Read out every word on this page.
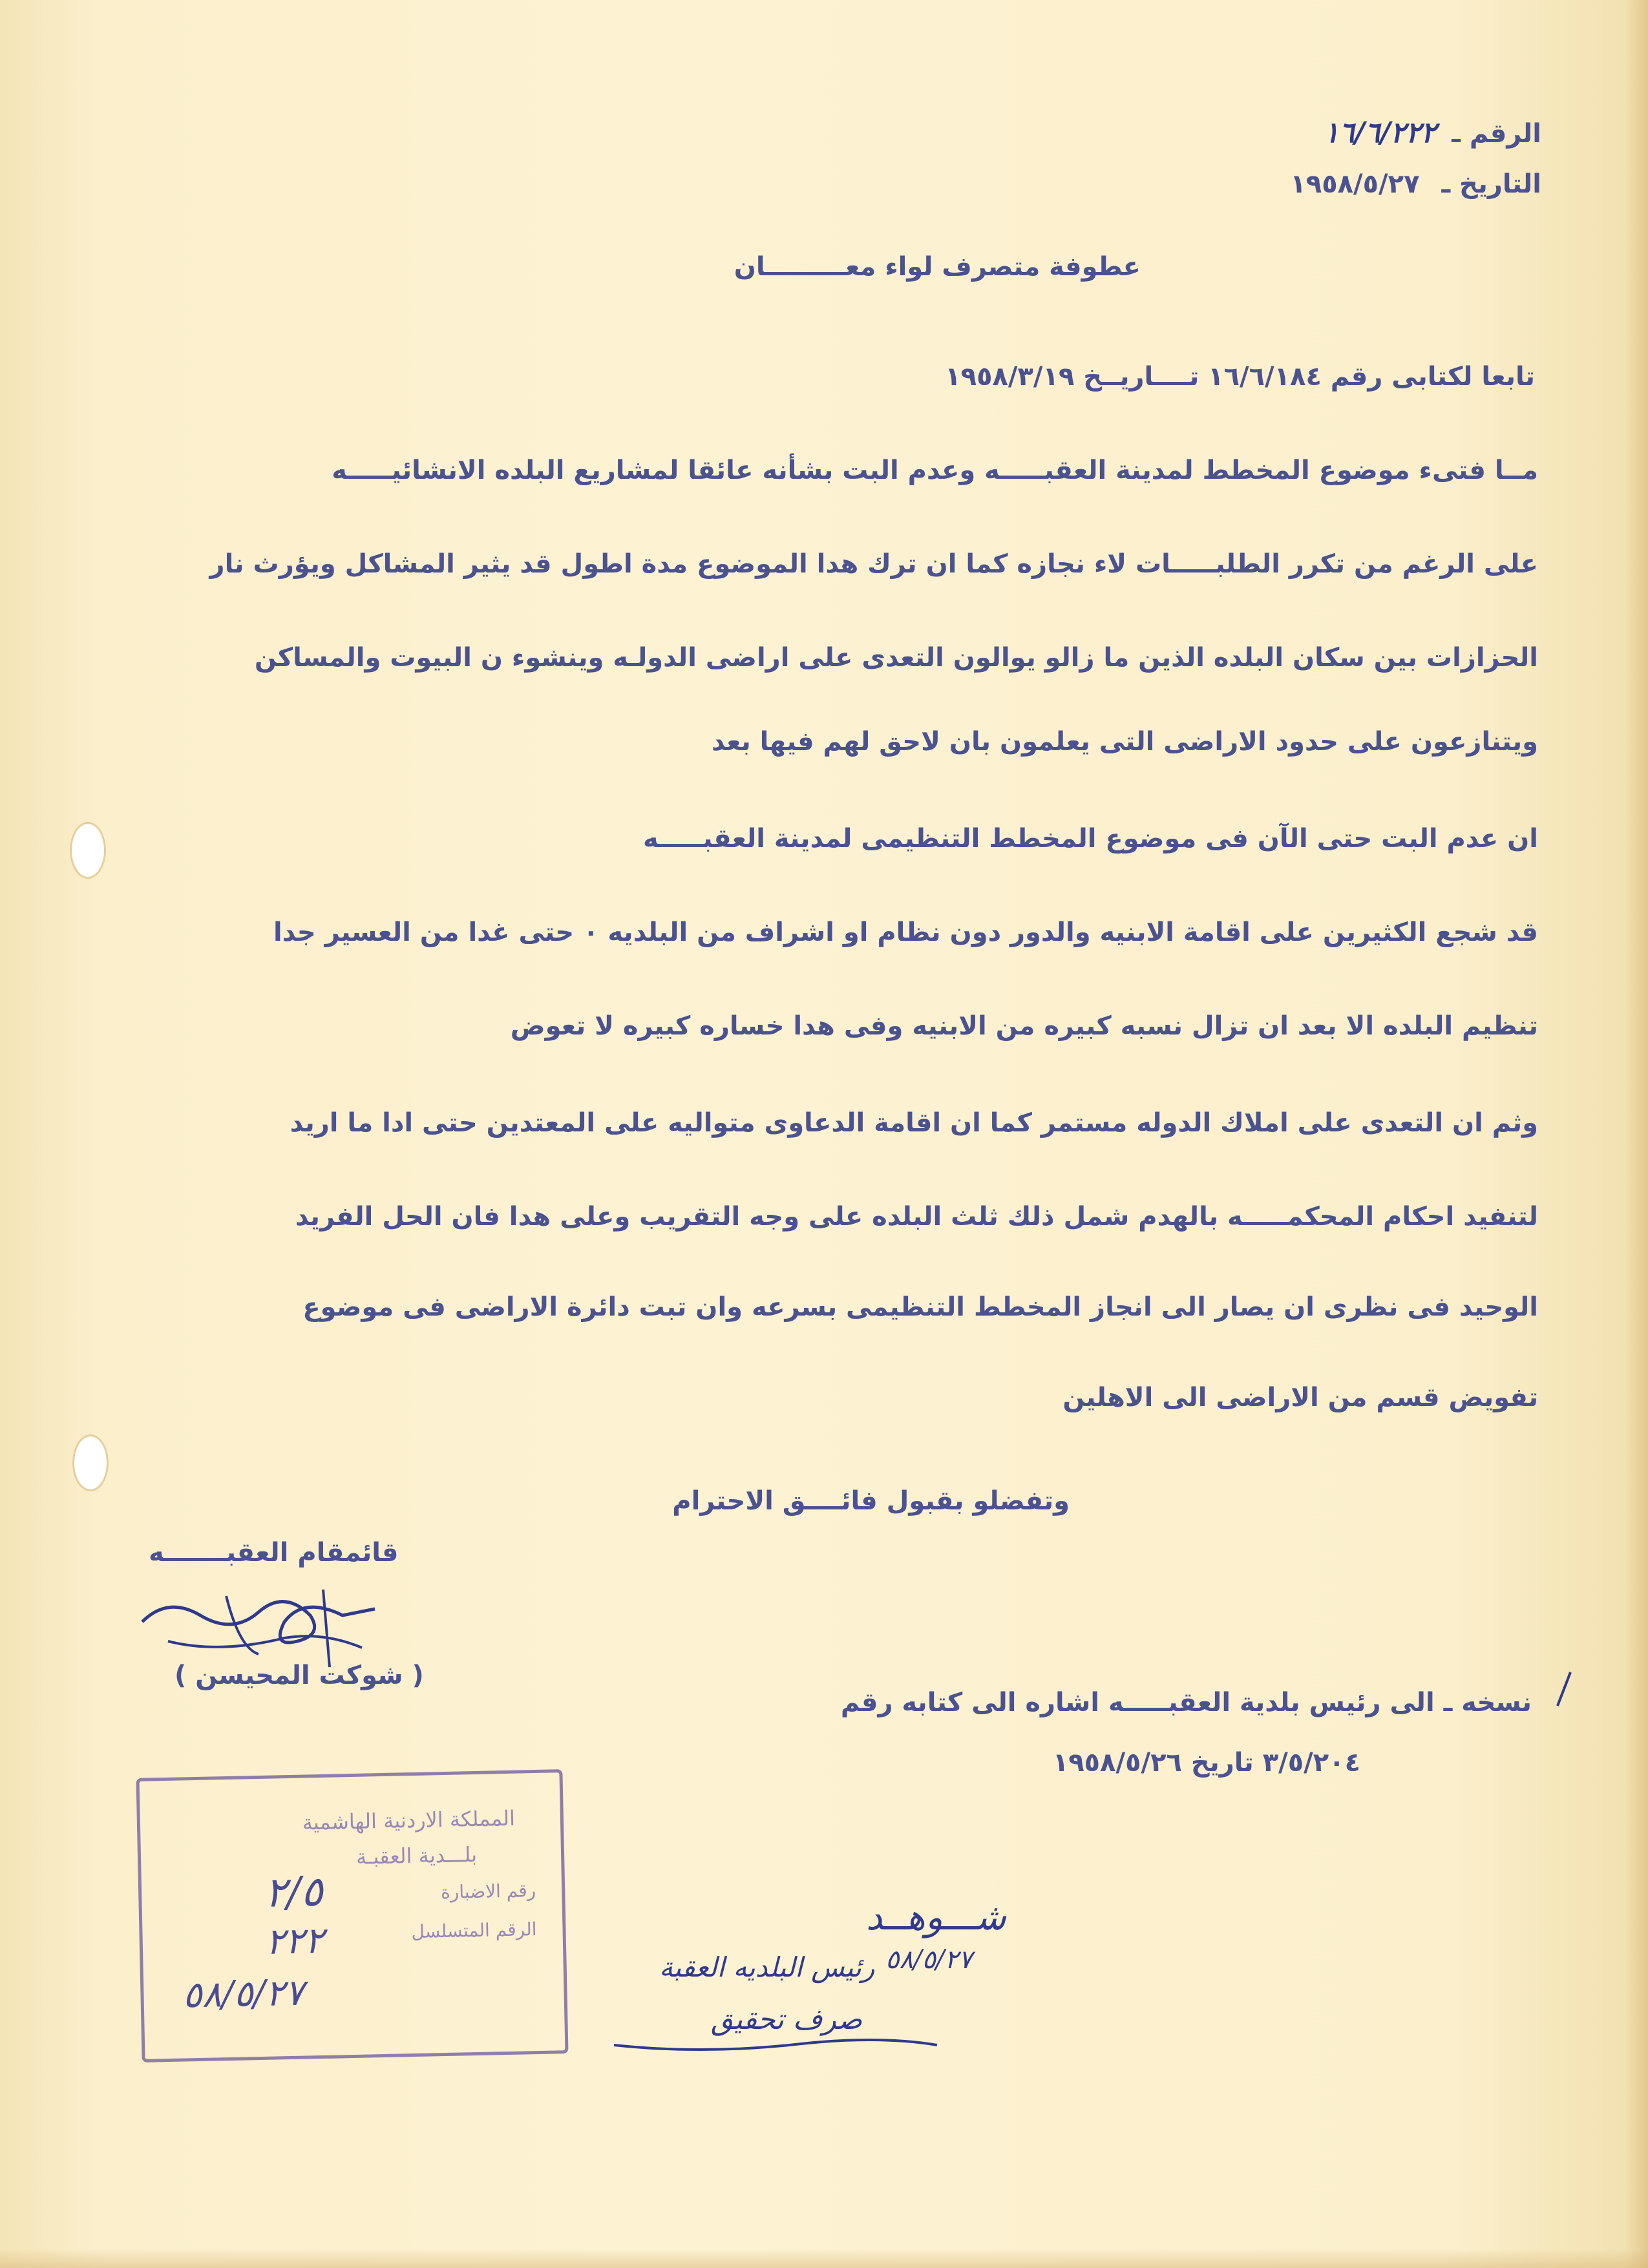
الرقم ـ ١٦/٦/٢٢٢
التاريخ ـ ١٩٥٨/٥/٢٧
عطوفة متصرف لواء معـــــــــان
تابعا لكتابى رقم ١٦/٦/١٨٤ تــــاريــخ ١٩٥٨/٣/١٩
مــا فتىء موضوع المخطط لمدينة العقبـــــه وعدم البت بشأنه عائقا لمشاريع البلده الانشائيـــــه
على الرغم من تكرر الطلبـــــات لاء نجازه كما ان ترك هدا الموضوع مدة اطول قد يثير المشاكل ويؤرث نار
الحزازات بين سكان البلده الذين ما زالو يوالون التعدى على اراضى الدولـه وينشوء ن البيوت والمساكن
ويتنازعون على حدود الاراضى التى يعلمون بان لاحق لهم فيها بعد
ان عدم البت حتى الآن فى موضوع المخطط التنظيمى لمدينة العقبـــــه
قد شجع الكثيرين على اقامة الابنيه والدور دون نظام او اشراف من البلديه ٠ حتى غدا من العسير جدا
تنظيم البلده الا بعد ان تزال نسبه كبيره من الابنيه وفى هدا خساره كبيره لا تعوض
وثم ان التعدى على املاك الدوله مستمر كما ان اقامة الدعاوى متواليه على المعتدين حتى ادا ما اريد
لتنفيد احكام المحكمـــــه بالهدم شمل ذلك ثلث البلده على وجه التقريب وعلى هدا فان الحل الفريد
الوحيد فى نظرى ان يصار الى انجاز المخطط التنظيمى بسرعه وان تبت دائرة الاراضى فى موضوع
تفويض قسم من الاراضى الى الاهلين
وتفضلو بقبول فائــــق الاحترام
قائمقام العقبـــــــه
( شوكت المحيسن )
نسخه ـ الى رئيس بلدية العقبـــــه اشاره الى كتابه رقم
٣/٥/٢٠٤ تاريخ ١٩٥٨/٥/٢٦
المملكة الاردنية الهاشمية
بلـــدية العقبـة
رقم الاضبارة
الرقم المتسلسل
٢/٥
٢٢٢
٥٨/٥/٢٧
شـــوهــد
رئيس البلديه العقبة ٥٨/٥/٢٧
صرف تحقيق
